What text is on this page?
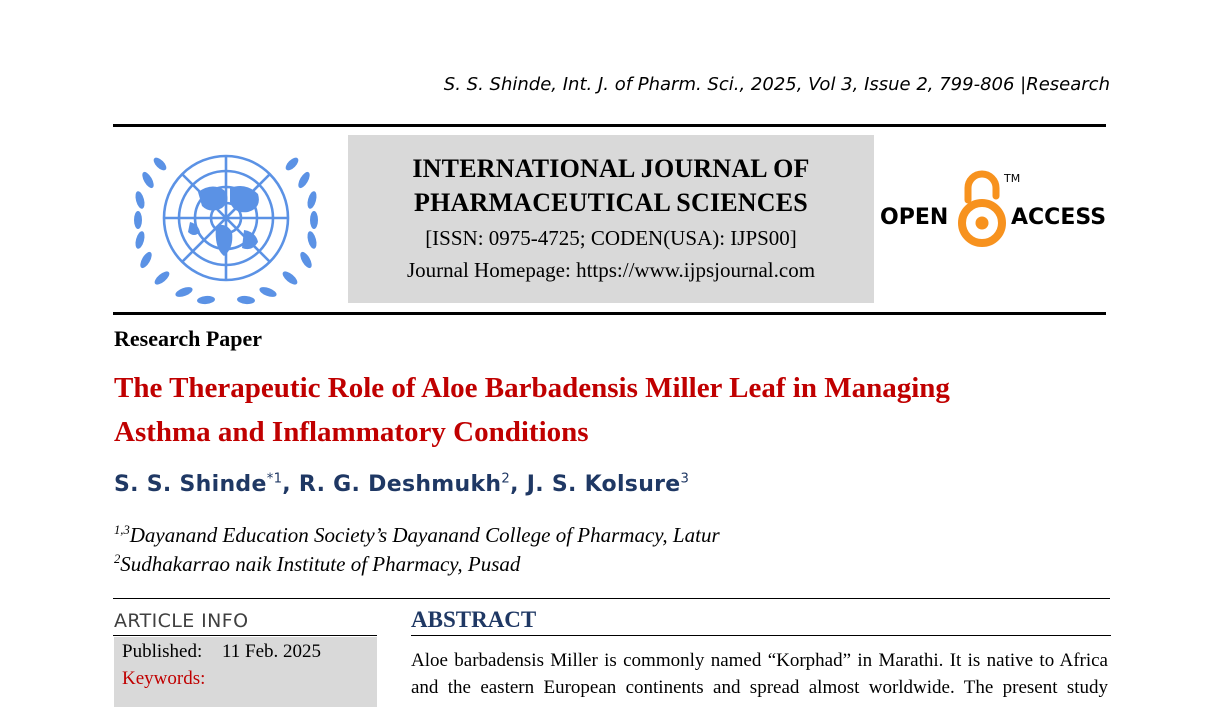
S. S. Shinde, Int. J. of Pharm. Sci., 2025, Vol 3, Issue 2, 799-806 |Research
INTERNATIONAL JOURNAL OF
PHARMACEUTICAL SCIENCES
[ISSN: 0975-4725; CODEN(USA): IJPS00]
Journal Homepage: https://www.ijpsjournal.com
OPEN
TM
ACCESS
Research Paper
The Therapeutic Role of Aloe Barbadensis Miller Leaf in Managing
Asthma and Inflammatory Conditions
S. S. Shinde$^{*1}$, R. G. Deshmukh$^2$, J. S. Kolsure$^3$
$^{1,3}$Dayanand Education Society’s Dayanand College of Pharmacy, Latur
$^2$Sudhakarrao naik Institute of Pharmacy, Pusad
ARTICLE INFO
Published: 11 Feb. 2025
Keywords:
ABSTRACT
Aloe barbadensis Miller is commonly named “Korphad” in Marathi. It is native to Africa
and the eastern European continents and spread almost worldwide. The present study
